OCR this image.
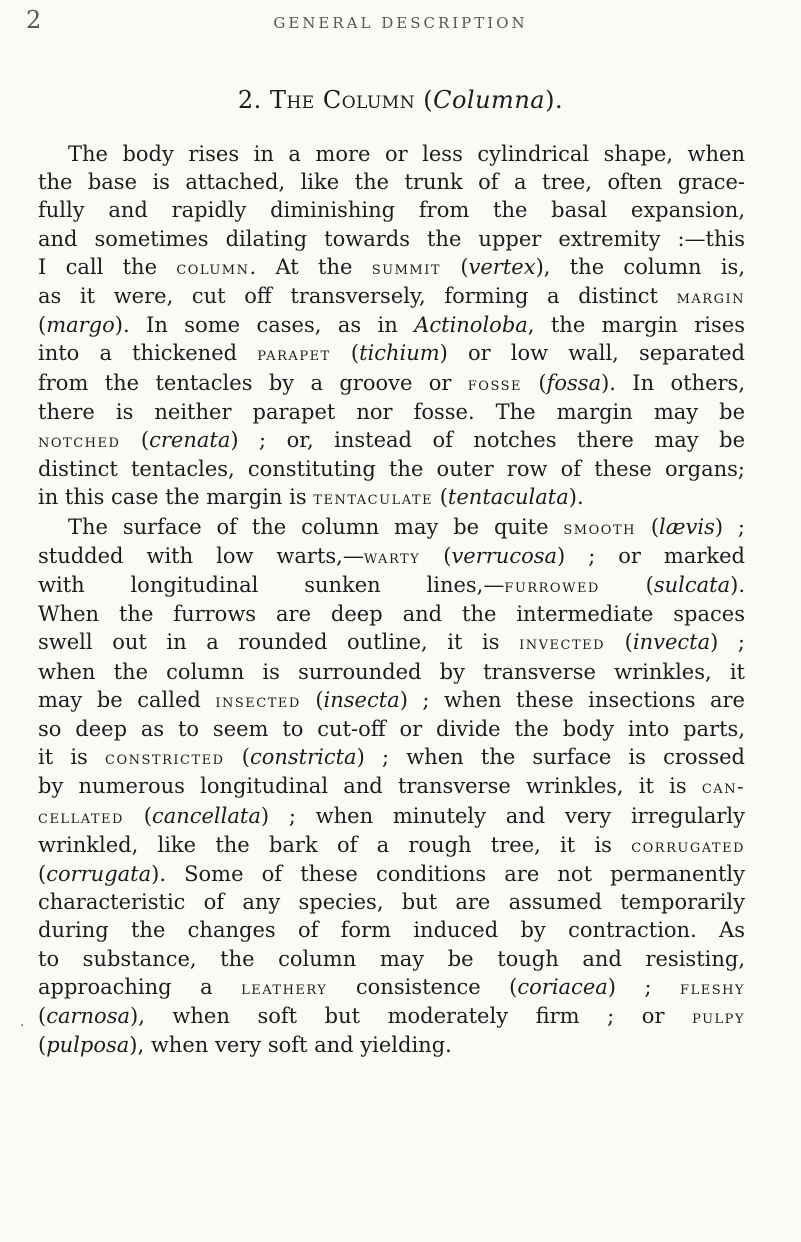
2	GENERAL DESCRIPTION
2. The Column (Columna).
·
The body rises in a more or less cylindrical shape, when
the base is attached, like the trunk of a tree, often grace-
fully and rapidly diminishing from the basal expansion,
and sometimes dilating towards the upper extremity :—this
I call the column. At the summit (vertex), the column is,
as it were, cut off transversely, forming a distinct margin
(margo). In some cases, as in Actinoloba, the margin rises
into a thickened parapet (tichium) or low wall, separated
from the tentacles by a groove or fosse (fossa). In others,
there is neither parapet nor fosse. The margin may be
notched (crenata) ; or, instead of notches there may be
distinct tentacles, constituting the outer row of these organs;
in this case the margin is tentaculate (tentaculata).
The surface of the column may be quite smooth (lævis) ;
studded with low warts,—warty (verrucosa) ; or marked
with longitudinal sunken lines,—furrowed (sulcata).
When the furrows are deep and the intermediate spaces
swell out in a rounded outline, it is invected (invecta) ;
when the column is surrounded by transverse wrinkles, it
may be called insected (insecta) ; when these insections are
so deep as to seem to cut-off or divide the body into parts,
it is constricted (constricta) ; when the surface is crossed
by numerous longitudinal and transverse wrinkles, it is can-
cellated (cancellata) ; when minutely and very irregularly
wrinkled, like the bark of a rough tree, it is corrugated
(corrugata). Some of these conditions are not permanently
characteristic of any species, but are assumed temporarily
during the changes of form induced by contraction. As
to substance, the column may be tough and resisting,
approaching a leathery consistence (coriacea) ; fleshy
(carnosa), when soft but moderately firm ; or pulpy
(pulposa), when very soft and yielding.
